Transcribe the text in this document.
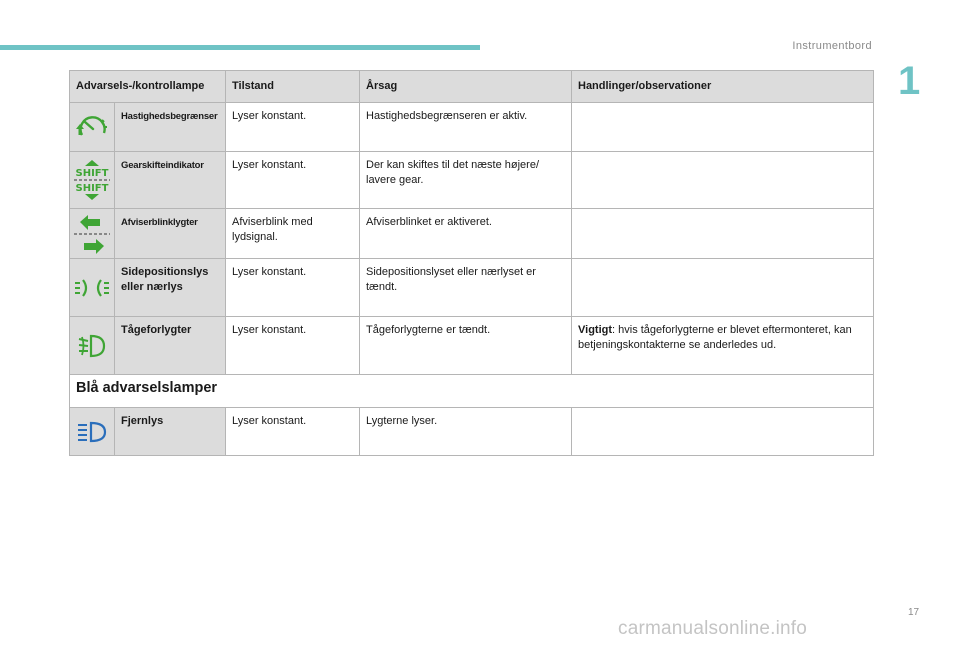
Instrumentbord
1
Advarsels-/kontrollampe		Tilstand	Årsag	Handlinger/observationer

	Hastighedsbegrænser	Lyser konstant.	Hastighedsbegrænseren er aktiv.	

SHIFT
SHIFT	Gearskifteindikator	Lyser konstant.	Der kan skiftes til det næste højere/ lavere gear.	

	Afviserblinklygter	Afviserblink med lydsignal.	Afviserblinket er aktiveret.	

	Sidepositionslys eller nærlys	Lyser konstant.	Sidepositionslyset eller nærlyset er tændt.	

	Tågeforlygter	Lyser konstant.	Tågeforlygterne er tændt.	Vigtigt: hvis tågeforlygterne er blevet eftermonteret, kan betjeningskontakterne se anderledes ud.
Blå advarselslamper				

	Fjernlys	Lyser konstant.	Lygterne lyser.	
17
carmanualsonline.info
